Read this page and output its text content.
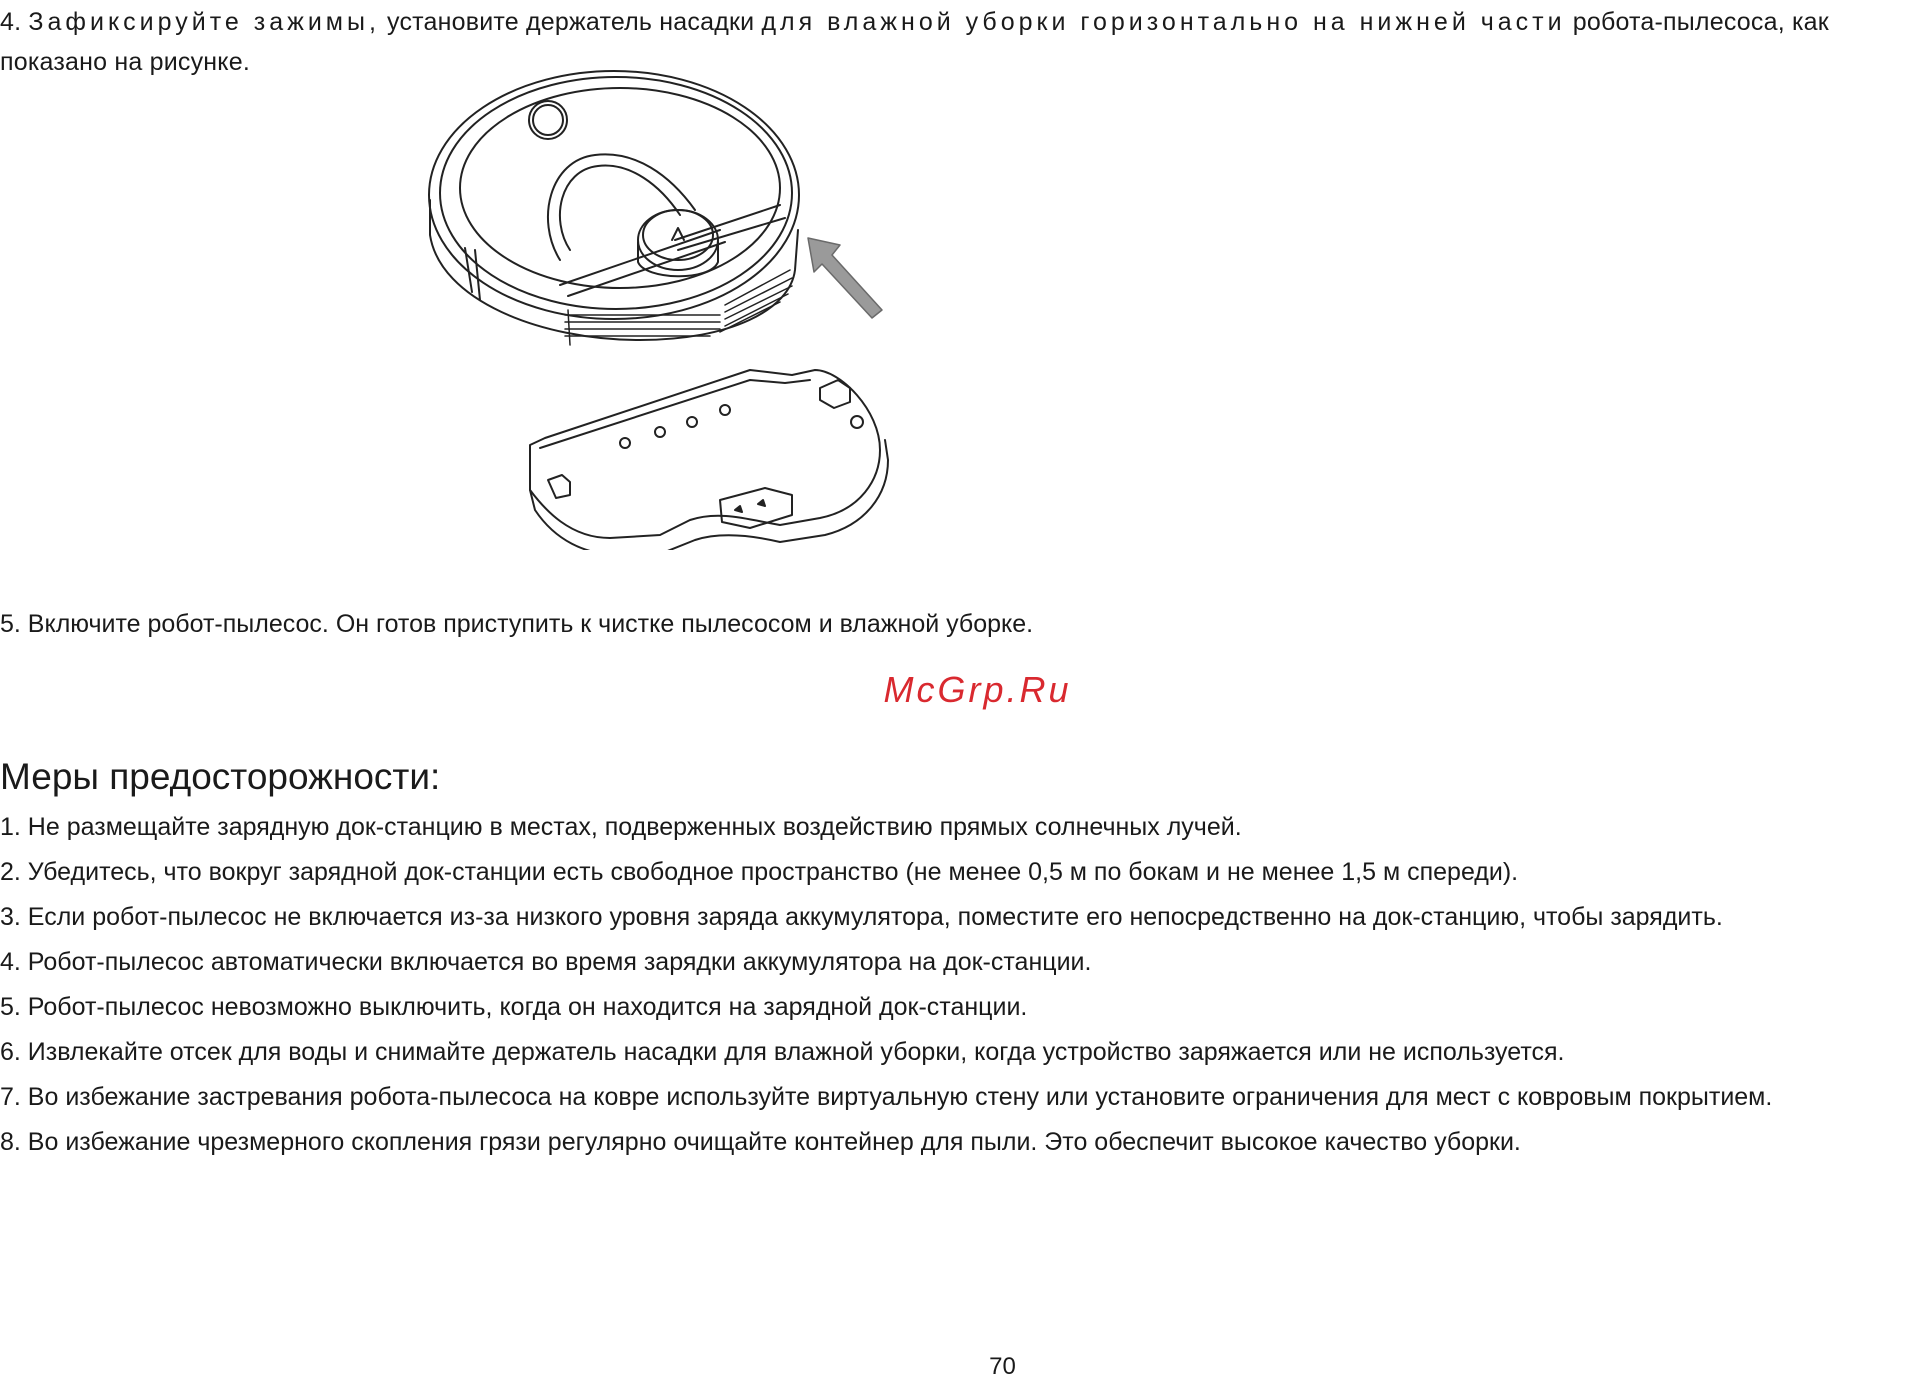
4. Зафиксируйте зажимы, установите держатель насадки для влажной уборки горизонтально на нижней части робота-пылесоса, как показано на рисунке.

5. Включите робот-пылесос. Он готов приступить к чистке пылесосом и влажной уборке.

McGrp.Ru
Меры предосторожности:
1. Не размещайте зарядную док-станцию в местах, подверженных воздействию прямых солнечных лучей.
2. Убедитесь, что вокруг зарядной док-станции есть свободное пространство (не менее 0,5 м по бокам и не менее 1,5 м спереди).
3. Если робот-пылесос не включается из-за низкого уровня заряда аккумулятора, поместите его непосредственно на док-станцию, чтобы зарядить.
4. Робот-пылесос автоматически включается во время зарядки аккумулятора на док-станции.
5. Робот-пылесос невозможно выключить, когда он находится на зарядной док-станции.
6. Извлекайте отсек для воды и снимайте держатель насадки для влажной уборки, когда устройство заряжается или не используется.
7. Во избежание застревания робота-пылесоса на ковре используйте виртуальную стену или установите ограничения для мест с ковровым покрытием.
8. Во избежание чрезмерного скопления грязи регулярно очищайте контейнер для пыли. Это обеспечит высокое качество уборки.
70
